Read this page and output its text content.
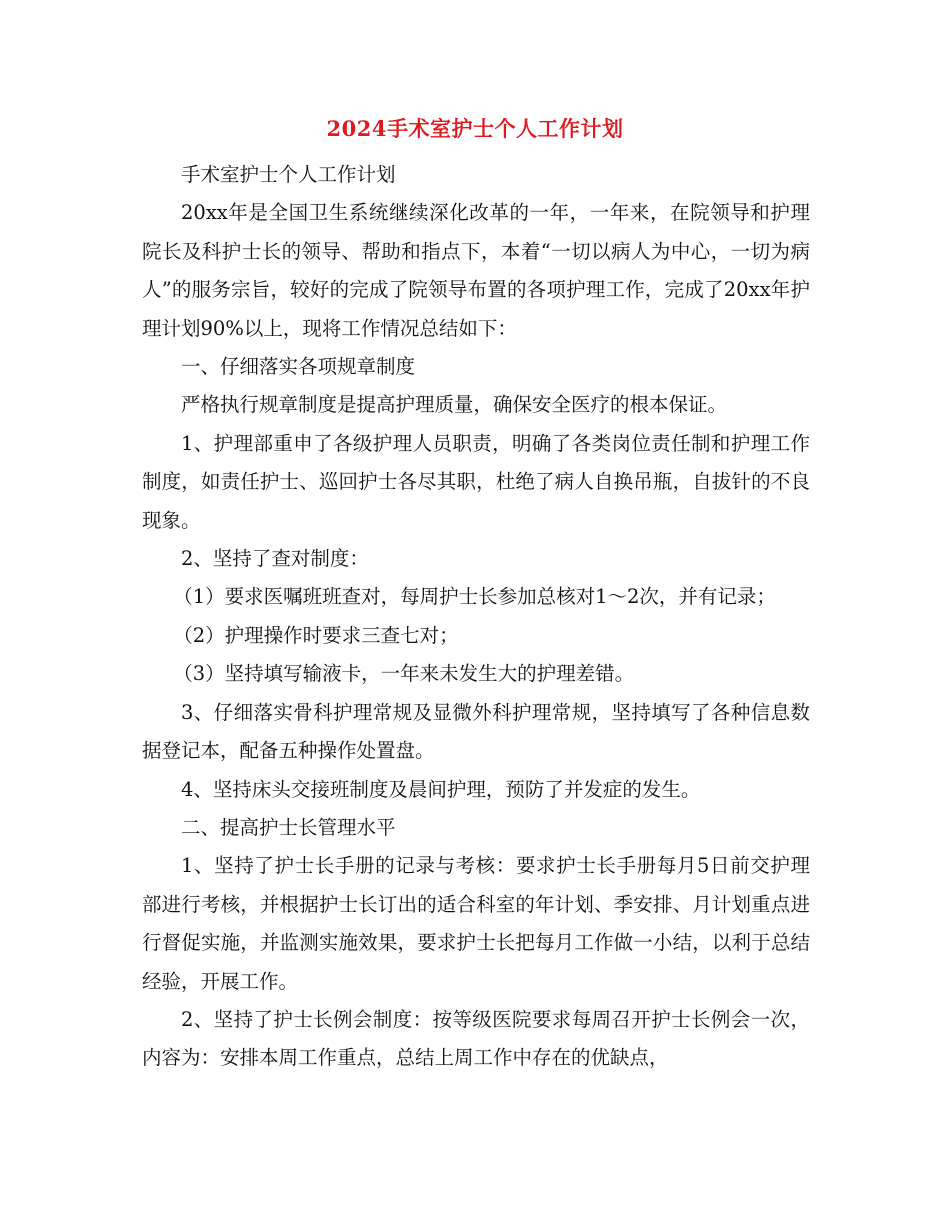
2024手术室护士个人工作计划

手术室护士个人工作计划

20xx年是全国卫生系统继续深化改革的一年，一年来，在院领导和护理院长及科护士长的领导、帮助和指点下，本着“一切以病人为中心，一切为病人”的服务宗旨，较好的完成了院领导布置的各项护理工作，完成了20xx年护理计划90%以上，现将工作情况总结如下：

一、仔细落实各项规章制度

严格执行规章制度是提高护理质量，确保安全医疗的根本保证。

1、护理部重申了各级护理人员职责，明确了各类岗位责任制和护理工作制度，如责任护士、巡回护士各尽其职，杜绝了病人自换吊瓶，自拔针的不良现象。

2、坚持了查对制度：

（1）要求医嘱班班查对，每周护士长参加总核对1～2次，并有记录；

（2）护理操作时要求三查七对；

（3）坚持填写输液卡，一年来未发生大的护理差错。

3、仔细落实骨科护理常规及显微外科护理常规，坚持填写了各种信息数据登记本，配备五种操作处置盘。

4、坚持床头交接班制度及晨间护理，预防了并发症的发生。

二、提高护士长管理水平

1、坚持了护士长手册的记录与考核：要求护士长手册每月5日前交护理部进行考核，并根据护士长订出的适合科室的年计划、季安排、月计划重点进行督促实施，并监测实施效果，要求护士长把每月工作做一小结，以利于总结经验，开展工作。

2、坚持了护士长例会制度：按等级医院要求每周召开护士长例会一次，内容为：安排本周工作重点，总结上周工作中存在的优缺点，
